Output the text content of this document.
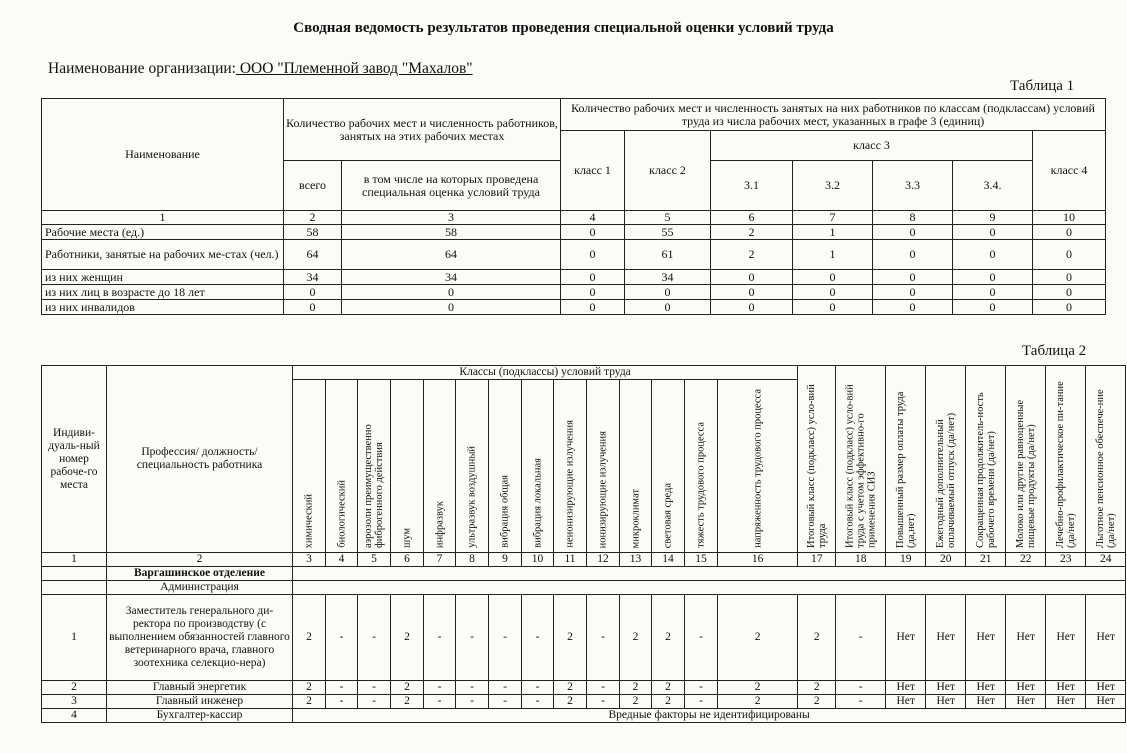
Сводная ведомость результатов проведения специальной оценки условий труда
Наименование организации: ООО "Племенной завод "Махалов"
Таблица 1
Наименование	Количество рабочих мест и численность работников, занятых на этих рабочих местах		Количество рабочих мест и численность занятых на них работников по классам (подклассам) условий труда из числа рабочих мест, указанных в графе 3 (единиц)						
			класс 1	класс 2	класс 3				класс 4
	всего	в том числе на которых проведена специальная оценка условий труда			3.1	3.2	3.3	3.4.	
1	2	3	4	5	6	7	8	9	10
Рабочие места (ед.)	58	58	0	55	2	1	0	0	0
Работники, занятые на рабочих ме-стах (чел.)	64	64	0	61	2	1	0	0	0
из них женщин	34	34	0	34	0	0	0	0	0
из них лиц в возрасте до 18 лет	0	0	0	0	0	0	0	0	0
из них инвалидов	0	0	0	0	0	0	0	0	0
Таблица 2
Индиви-дуаль-ный номер рабоче-го места	Профессия/ должность/ специальность работника	Классы (подклассы) условий труда														Итоговый класс (подкласс) усло-вий труда	Итоговый класс (подкласс) усло-вий труда с учетом эффективно-го применения СИЗ	Повышенный размер оплаты труда (да,нет)	Ежегодный дополнительный оплачиваемый отпуск (да/нет)	Сокращенная продолжитель-ность рабочего времени (да/нет)	Молоко или другие равноценные пищевые продукты (да/нет)	Лечебно-профилактическое пи-тание (да/нет)	Льготное пенсионное обеспече-ние (да/нет)

		химический	биологический	аэрозоли преимущественно фиброгенного действия	шум	инфразвук	ультразвук воздушный	вибрация общая	вибрация локальная	неионизирующие излучения	ионизирующие излучения	микроклимат	световая среда	тяжесть трудового процесса	напряженность трудового процесса								

1	2	3	4	5	6	7	8	9	10	11	12	13	14	15	16	17	18	19	20	21	22	23	24
	Варгашинское отделение																						
	Администрация																						
1	Заместитель генерального ди-ректора по производству (с выполнением обязанностей главного ветеринарного врача, главного зоотехника селекцио-нера)	2	-	-	2	-	-	-	-	2	-	2	2	-	2	2	-	Нет	Нет	Нет	Нет	Нет	Нет
2	Главный энергетик	2	-	-	2	-	-	-	-	2	-	2	2	-	2	2	-	Нет	Нет	Нет	Нет	Нет	Нет
3	Главный инженер	2	-	-	2	-	-	-	-	2	-	2	2	-	2	2	-	Нет	Нет	Нет	Нет	Нет	Нет
4	Бухгалтер-кассир	Вредные факторы не идентифицированы																					
